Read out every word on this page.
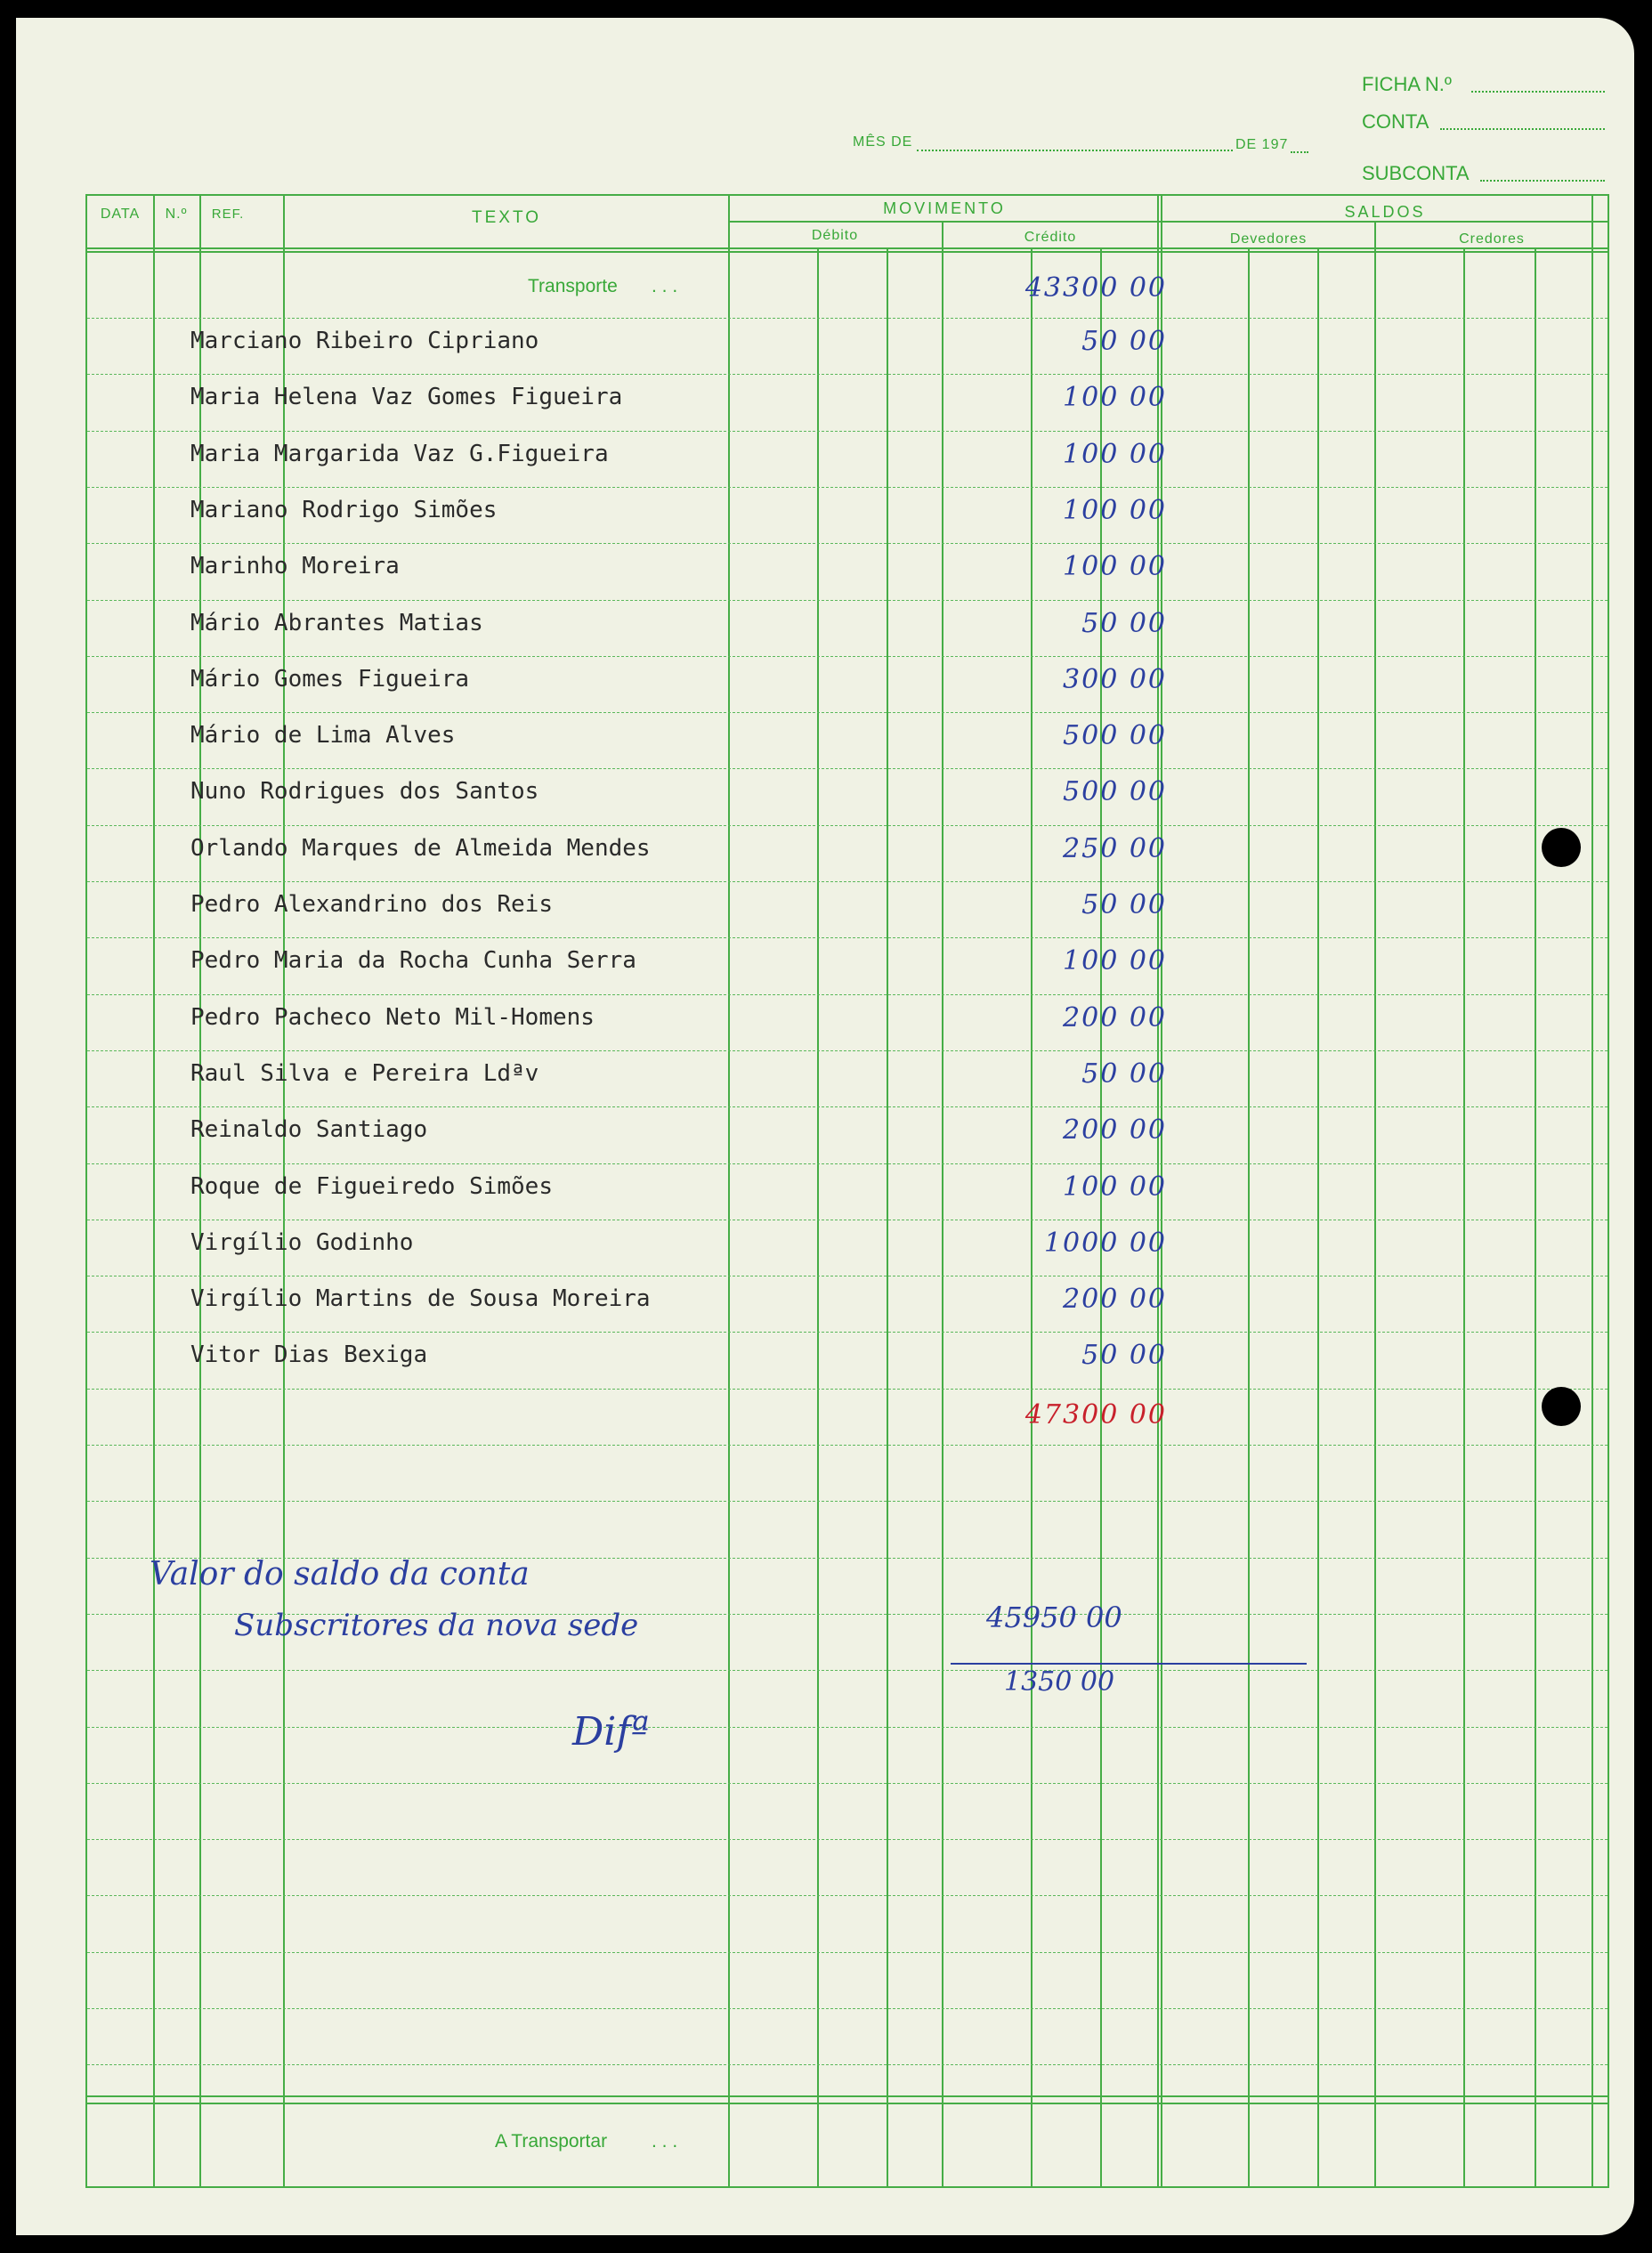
FICHA N.º
CONTA
SUBCONTA
MÊS DE	DE 197
DATA	N.º	REF.	TEXTO	MOVIMENTO
Débito	Crédito
SALDOS
Devedores	Credores
Transporte . . .	43300 00
Marciano Ribeiro Cipriano	50 00
Maria Helena Vaz Gomes Figueira	100 00
Maria Margarida Vaz G.Figueira	100 00
Mariano Rodrigo Simões	100 00
Marinho Moreira	100 00
Mário Abrantes Matias	50 00
Mário Gomes Figueira	300 00
Mário de Lima Alves	500 00
Nuno Rodrigues dos Santos	500 00
Orlando Marques de Almeida Mendes	250 00
Pedro Alexandrino dos Reis	50 00
Pedro Maria da Rocha Cunha Serra	100 00
Pedro Pacheco Neto Mil-Homens	200 00
Raul Silva e Pereira Ldªv	50 00
Reinaldo Santiago	200 00
Roque de Figueiredo Simões	100 00
Virgílio Godinho	1000 00
Virgílio Martins de Sousa Moreira	200 00
Vitor Dias Bexiga	50 00
47300 00
Valor do saldo da conta
Subscritores da nova sede	45950 00
1350 00
Difª
A Transportar . . .
